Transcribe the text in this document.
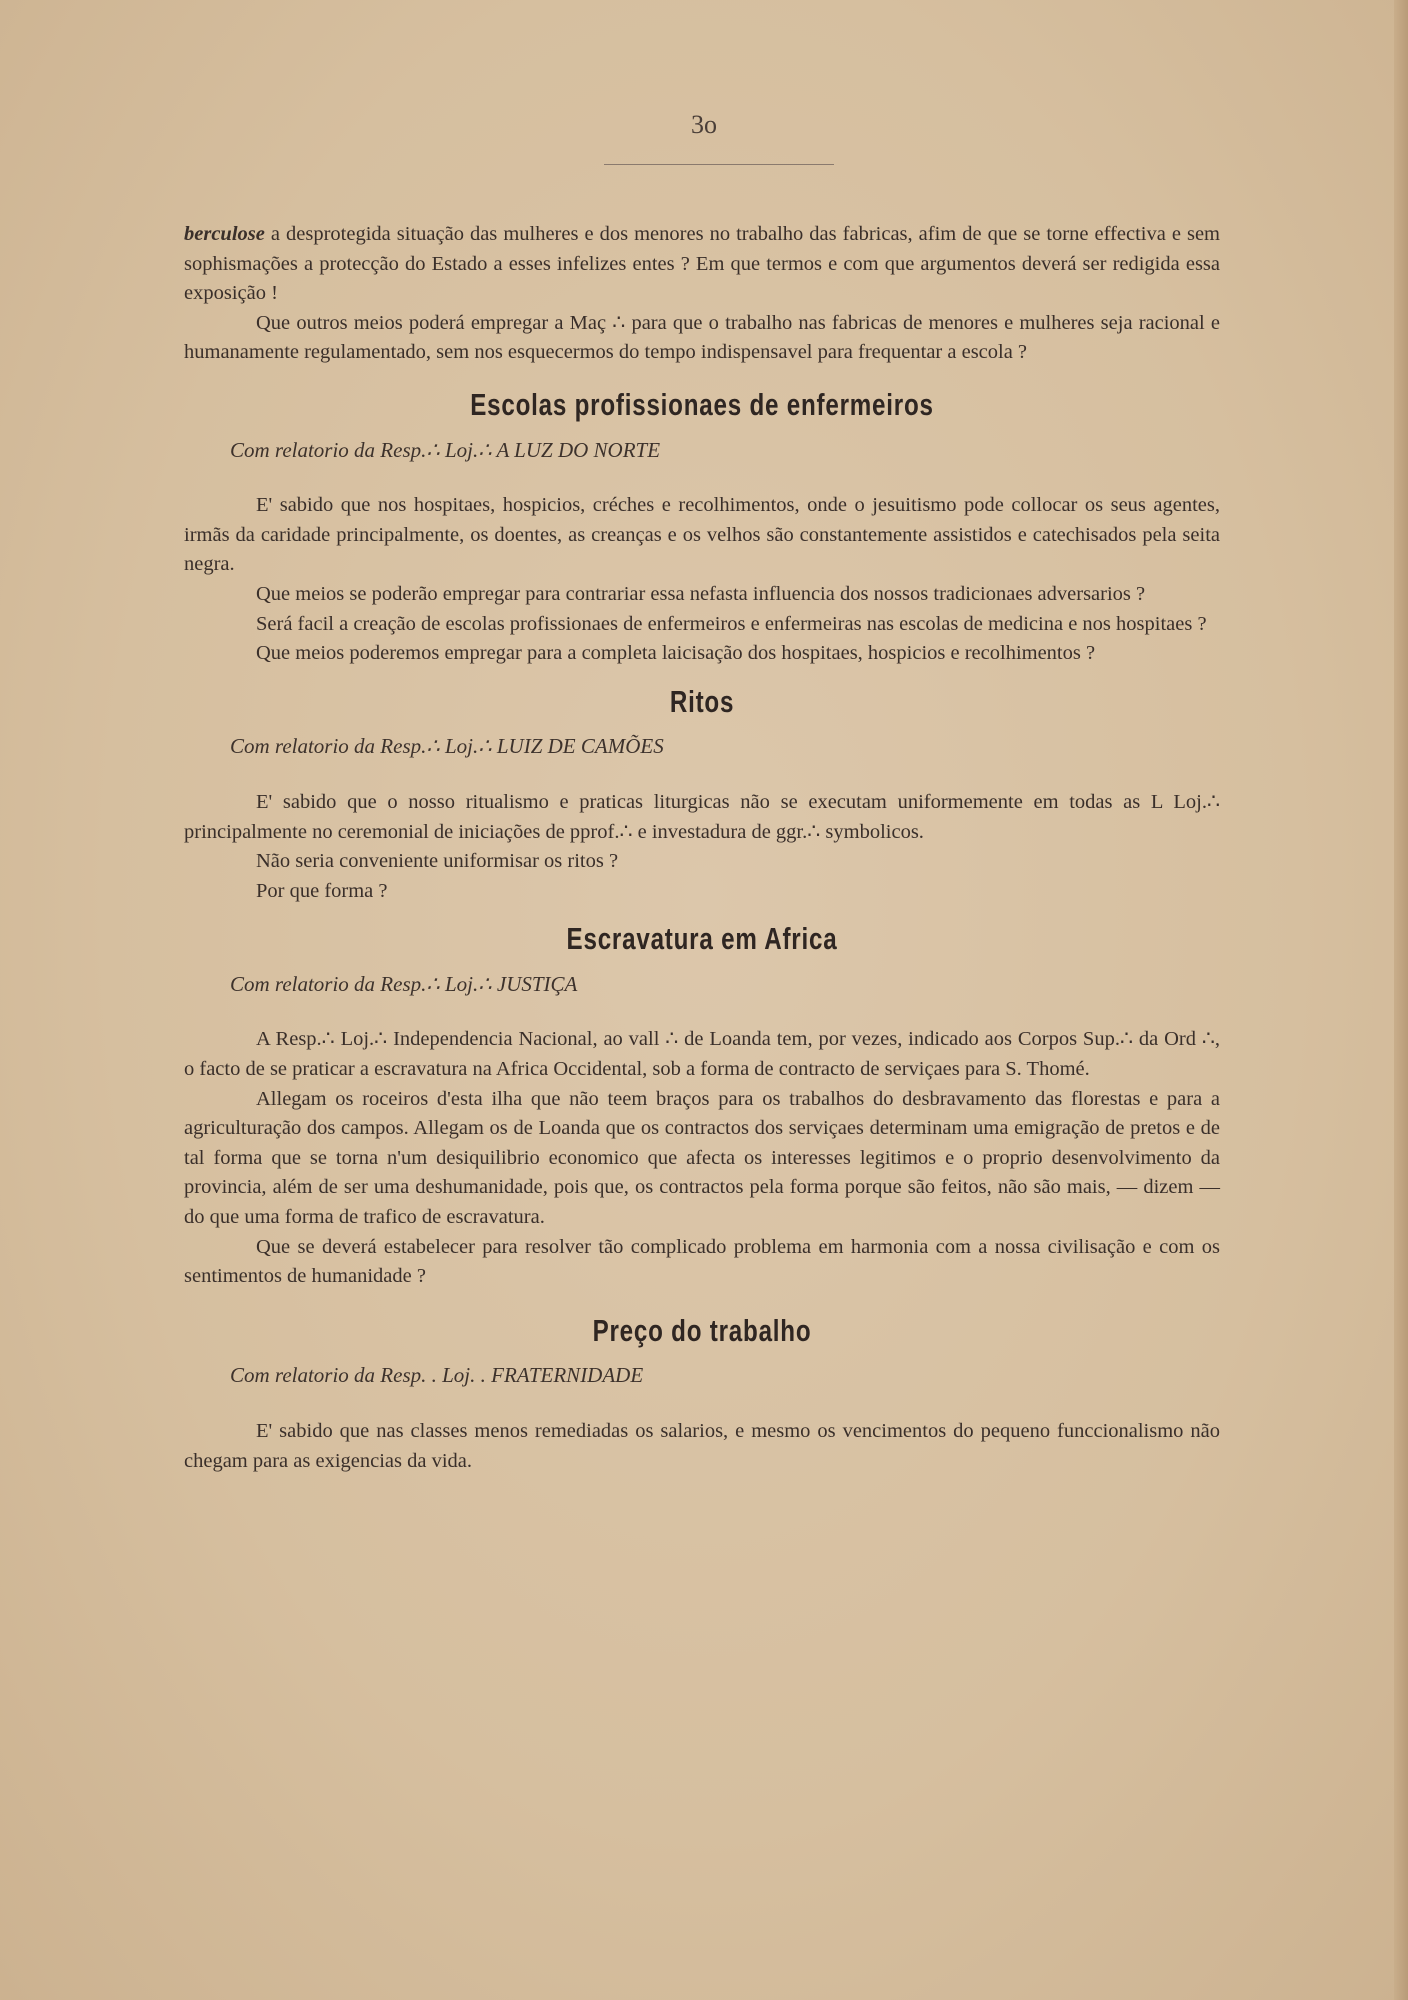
3o

berculose a desprotegida situação das mulheres e dos menores no trabalho das fabricas, afim de que se torne effectiva e sem sophismações a protecção do Estado a esses infelizes entes ? Em que termos e com que argumentos deverá ser redigida essa exposição !

Que outros meios poderá empregar a Maç ∴ para que o trabalho nas fabricas de menores e mulheres seja racional e humanamente regulamentado, sem nos esquecermos do tempo indispensavel para frequentar a escola ?

Escolas profissionaes de enfermeiros

Com relatorio da Resp.∴ Loj.∴ A LUZ DO NORTE

E' sabido que nos hospitaes, hospicios, créches e recolhimentos, onde o jesuitismo pode collocar os seus agentes, irmãs da caridade principalmente, os doentes, as creanças e os velhos são constantemente assistidos e catechisados pela seita negra.

Que meios se poderão empregar para contrariar essa nefasta influencia dos nossos tradicionaes adversarios ?

Será facil a creação de escolas profissionaes de enfermeiros e enfermeiras nas escolas de medicina e nos hospitaes ?

Que meios poderemos empregar para a completa laicisação dos hospitaes, hospicios e recolhimentos ?

Ritos

Com relatorio da Resp.∴ Loj.∴ LUIZ DE CAMÕES

E' sabido que o nosso ritualismo e praticas liturgicas não se executam uniformemente em todas as L Loj.∴ principalmente no ceremonial de iniciações de pprof.∴ e investadura de ggr.∴ symbolicos.

Não seria conveniente uniformisar os ritos ?

Por que forma ?

Escravatura em Africa

Com relatorio da Resp.∴ Loj.∴ JUSTIÇA

A Resp.∴ Loj.∴ Independencia Nacional, ao vall ∴ de Loanda tem, por vezes, indicado aos Corpos Sup.∴ da Ord ∴, o facto de se praticar a escravatura na Africa Occidental, sob a forma de contracto de serviçaes para S. Thomé.

Allegam os roceiros d'esta ilha que não teem braços para os trabalhos do desbravamento das florestas e para a agriculturação dos campos. Allegam os de Loanda que os contractos dos serviçaes determinam uma emigração de pretos e de tal forma que se torna n'um desiquilibrio economico que afecta os interesses legitimos e o proprio desenvolvimento da provincia, além de ser uma deshumanidade, pois que, os contractos pela forma porque são feitos, não são mais, — dizem — do que uma forma de trafico de escravatura.

Que se deverá estabelecer para resolver tão complicado problema em harmonia com a nossa civilisação e com os sentimentos de humanidade ?

Preço do trabalho

Com relatorio da Resp. . Loj. . FRATERNIDADE

E' sabido que nas classes menos remediadas os salarios, e mesmo os vencimentos do pequeno funccionalismo não chegam para as exigencias da vida.
